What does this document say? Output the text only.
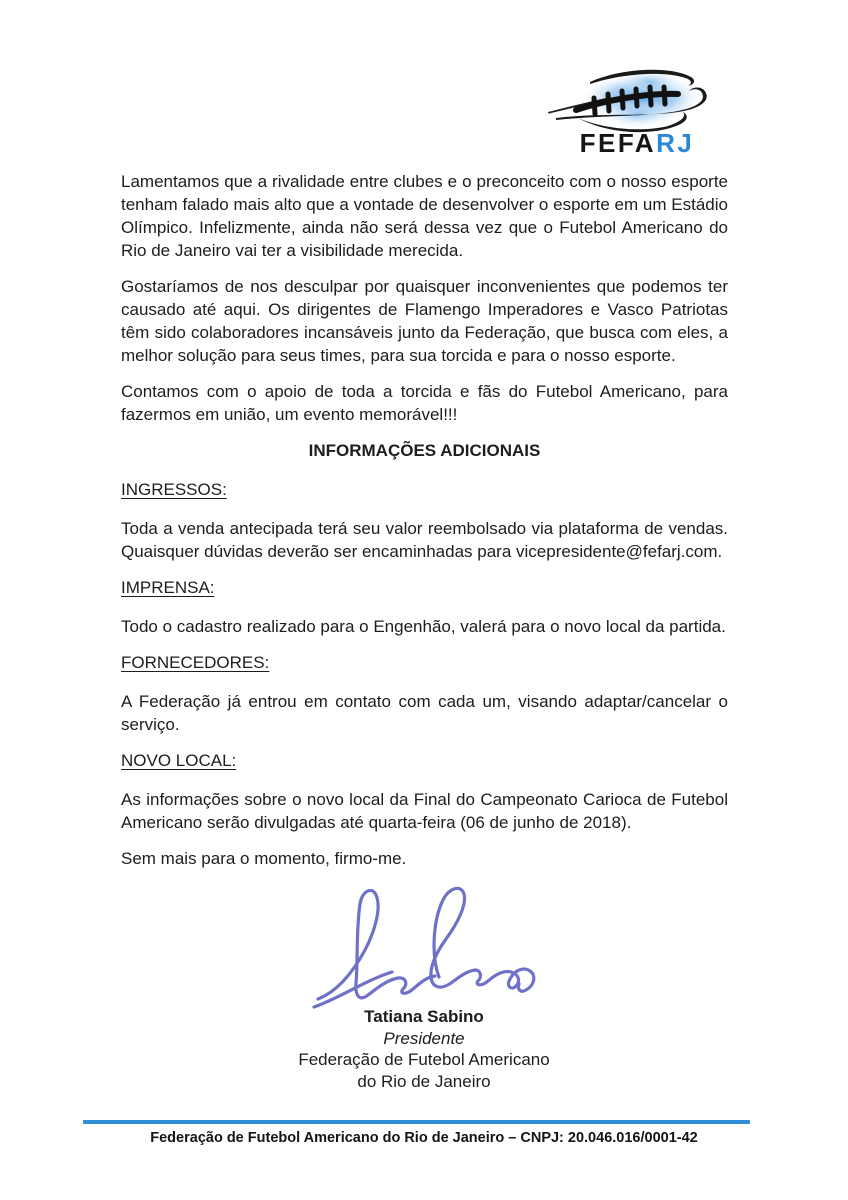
FEFARJ

Lamentamos que a rivalidade entre clubes e o preconceito com o nosso esporte tenham falado mais alto que a vontade de desenvolver o esporte em um Estádio Olímpico. Infelizmente, ainda não será dessa vez que o Futebol Americano do Rio de Janeiro vai ter a visibilidade merecida.

Gostaríamos de nos desculpar por quaisquer inconvenientes que podemos ter causado até aqui. Os dirigentes de Flamengo Imperadores e Vasco Patriotas têm sido colaboradores incansáveis junto da Federação, que busca com eles, a melhor solução para seus times, para sua torcida e para o nosso esporte.

Contamos com o apoio de toda a torcida e fãs do Futebol Americano, para fazermos em união, um evento memorável!!!

INFORMAÇÕES ADICIONAIS

INGRESSOS:

Toda a venda antecipada terá seu valor reembolsado via plataforma de vendas. Quaisquer dúvidas deverão ser encaminhadas para vicepresidente@fefarj.com.

IMPRENSA:

Todo o cadastro realizado para o Engenhão, valerá para o novo local da partida.

FORNECEDORES:

A Federação já entrou em contato com cada um, visando adaptar/cancelar o serviço.

NOVO LOCAL:

As informações sobre o novo local da Final do Campeonato Carioca de Futebol Americano serão divulgadas até quarta-feira (06 de junho de 2018).

Sem mais para o momento, firmo-me.

Tatiana Sabino
Presidente
Federação de Futebol Americano
do Rio de Janeiro
Federação de Futebol Americano do Rio de Janeiro – CNPJ: 20.046.016/0001-42
